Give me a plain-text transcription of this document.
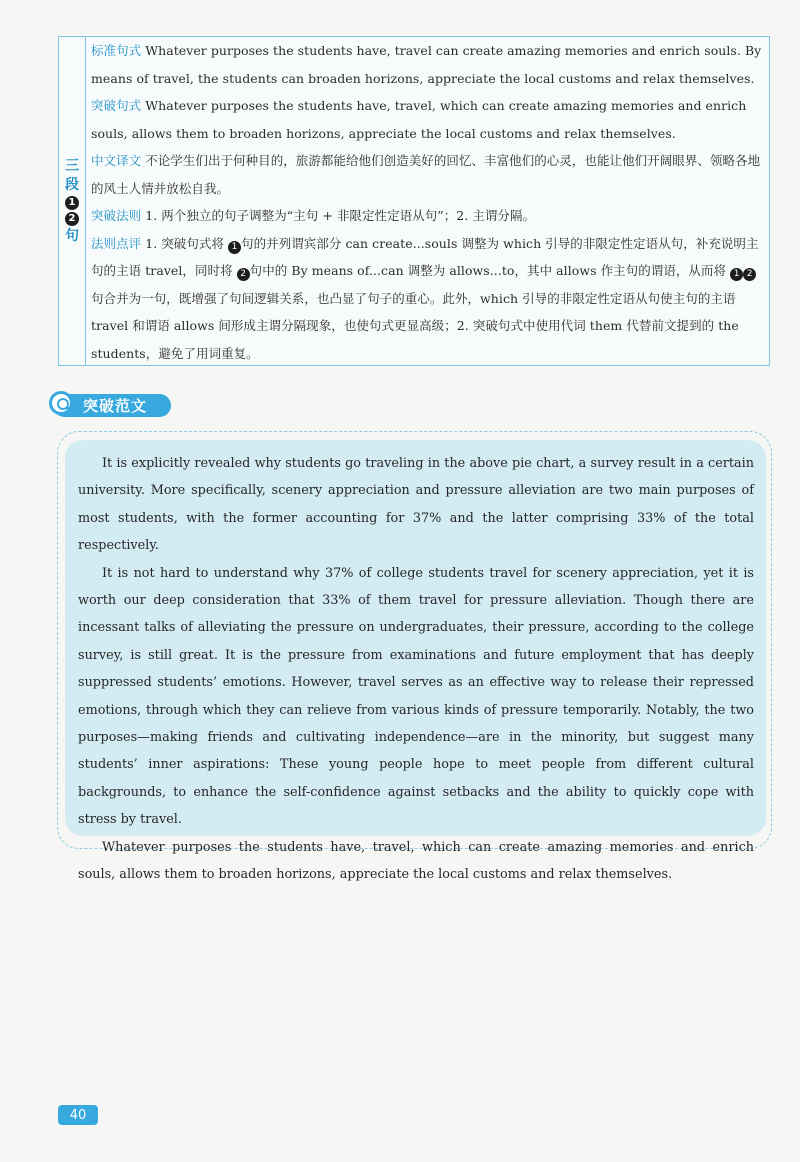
三
段
1
2
句

标准句式 Whatever purposes the students have, travel can create amazing memories and enrich souls. By means of travel, the students can broaden horizons, appreciate the local customs and relax themselves.

突破句式 Whatever purposes the students have, travel, which can create amazing memories and enrich souls, allows them to broaden horizons, appreciate the local customs and relax themselves.

中文译文 不论学生们出于何种目的，旅游都能给他们创造美好的回忆、丰富他们的心灵，也能让他们开阔眼界、领略各地的风土人情并放松自我。

突破法则 1. 两个独立的句子调整为“主句 + 非限定性定语从句”；2. 主谓分隔。

法则点评 1. 突破句式将 1 句的并列谓宾部分 can create...souls 调整为 which 引导的非限定性定语从句，补充说明主句的主语 travel，同时将 2 句中的 By means of...can 调整为 allows...to，其中 allows 作主句的谓语，从而将 1 2句合并为一句，既增强了句间逻辑关系，也凸显了句子的重心。此外，which 引导的非限定性定语从句使主句的主语 travel 和谓语 allows 间形成主谓分隔现象，也使句式更显高级；2. 突破句式中使用代词 them 代替前文提到的 the students，避免了用词重复。

突破范文

It is explicitly revealed why students go traveling in the above pie chart, a survey result in a certain university. More specifically, scenery appreciation and pressure alleviation are two main purposes of most students, with the former accounting for 37% and the latter comprising 33% of the total respectively.

It is not hard to understand why 37% of college students travel for scenery appreciation, yet it is worth our deep consideration that 33% of them travel for pressure alleviation. Though there are incessant talks of alleviating the pressure on undergraduates, their pressure, according to the college survey, is still great. It is the pressure from examinations and future employment that has deeply suppressed students’ emotions. However, travel serves as an effective way to release their repressed emotions, through which they can relieve from various kinds of pressure temporarily. Notably, the two purposes—making friends and cultivating independence—are in the minority, but suggest many students’ inner aspirations: These young people hope to meet people from different cultural backgrounds, to enhance the self-confidence against setbacks and the ability to quickly cope with stress by travel.

Whatever purposes the students have, travel, which can create amazing memories and enrich souls, allows them to broaden horizons, appreciate the local customs and relax themselves.

40
